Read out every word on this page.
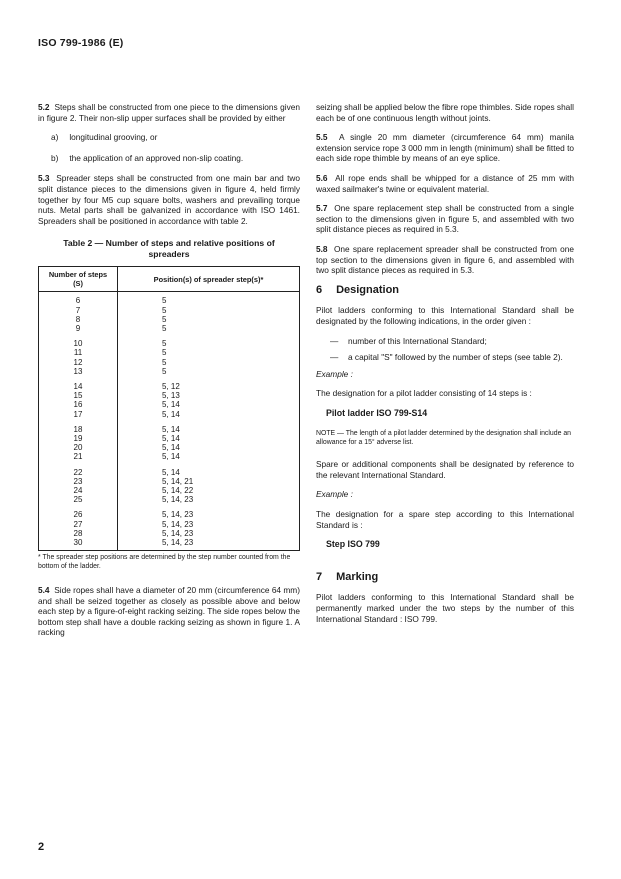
ISO 799-1986 (E)

5.2 Steps shall be constructed from one piece to the dimensions given in figure 2. Their non-slip upper surfaces shall be provided by either

a) longitudinal grooving, or
b) the application of an approved non-slip coating.

5.3 Spreader steps shall be constructed from one main bar and two split distance pieces to the dimensions given in figure 4, held firmly together by four M5 cup square bolts, washers and prevailing torque nuts. Metal parts shall be galvanized in accordance with ISO 1461. Spreaders shall be positioned in accordance with table 2.

Table 2 — Number of steps and relative positions of
spreaders
Number of steps
(S)	Position(s) of spreader step(s)*
6	5
7	5
8	5
9	5
10	5
11	5
12	5
13	5
14	5, 12
15	5, 13
16	5, 14
17	5, 14
18	5, 14
19	5, 14
20	5, 14
21	5, 14
22	5, 14
23	5, 14, 21
24	5, 14, 22
25	5, 14, 23
26	5, 14, 23
27	5, 14, 23
28	5, 14, 23
30	5, 14, 23
* The spreader step positions are determined by the step number counted from the bottom of the ladder.

5.4 Side ropes shall have a diameter of 20 mm (circumference 64 mm) and shall be seized together as closely as possible above and below each step by a figure-of-eight racking seizing. The side ropes below the bottom step shall have a double racking seizing as shown in figure 1. A racking

seizing shall be applied below the fibre rope thimbles. Side ropes shall each be of one continuous length without joints.

5.5 A single 20 mm diameter (circumference 64 mm) manila extension service rope 3 000 mm in length (minimum) shall be fitted to each side rope thimble by means of an eye splice.

5.6 All rope ends shall be whipped for a distance of 25 mm with waxed sailmaker's twine or equivalent material.

5.7 One spare replacement step shall be constructed from a single section to the dimensions given in figure 5, and assembled with two split distance pieces as required in 5.3.

5.8 One spare replacement spreader shall be constructed from one top section to the dimensions given in figure 6, and assembled with two split distance pieces as required in 5.3.

6 Designation

Pilot ladders conforming to this International Standard shall be designated by the following indications, in the order given :

—	number of this International Standard;
—	a capital "S" followed by the number of steps (see table 2).
Example :

The designation for a pilot ladder consisting of 14 steps is :

Pilot ladder ISO 799-S14
NOTE — The length of a pilot ladder determined by the designation shall include an allowance for a 15° adverse list.

Spare or additional components shall be designated by reference to the relevant International Standard.

Example :

The designation for a spare step according to this International Standard is :

Step ISO 799
7 Marking

Pilot ladders conforming to this International Standard shall be permanently marked under the two steps by the number of this International Standard : ISO 799.

2
